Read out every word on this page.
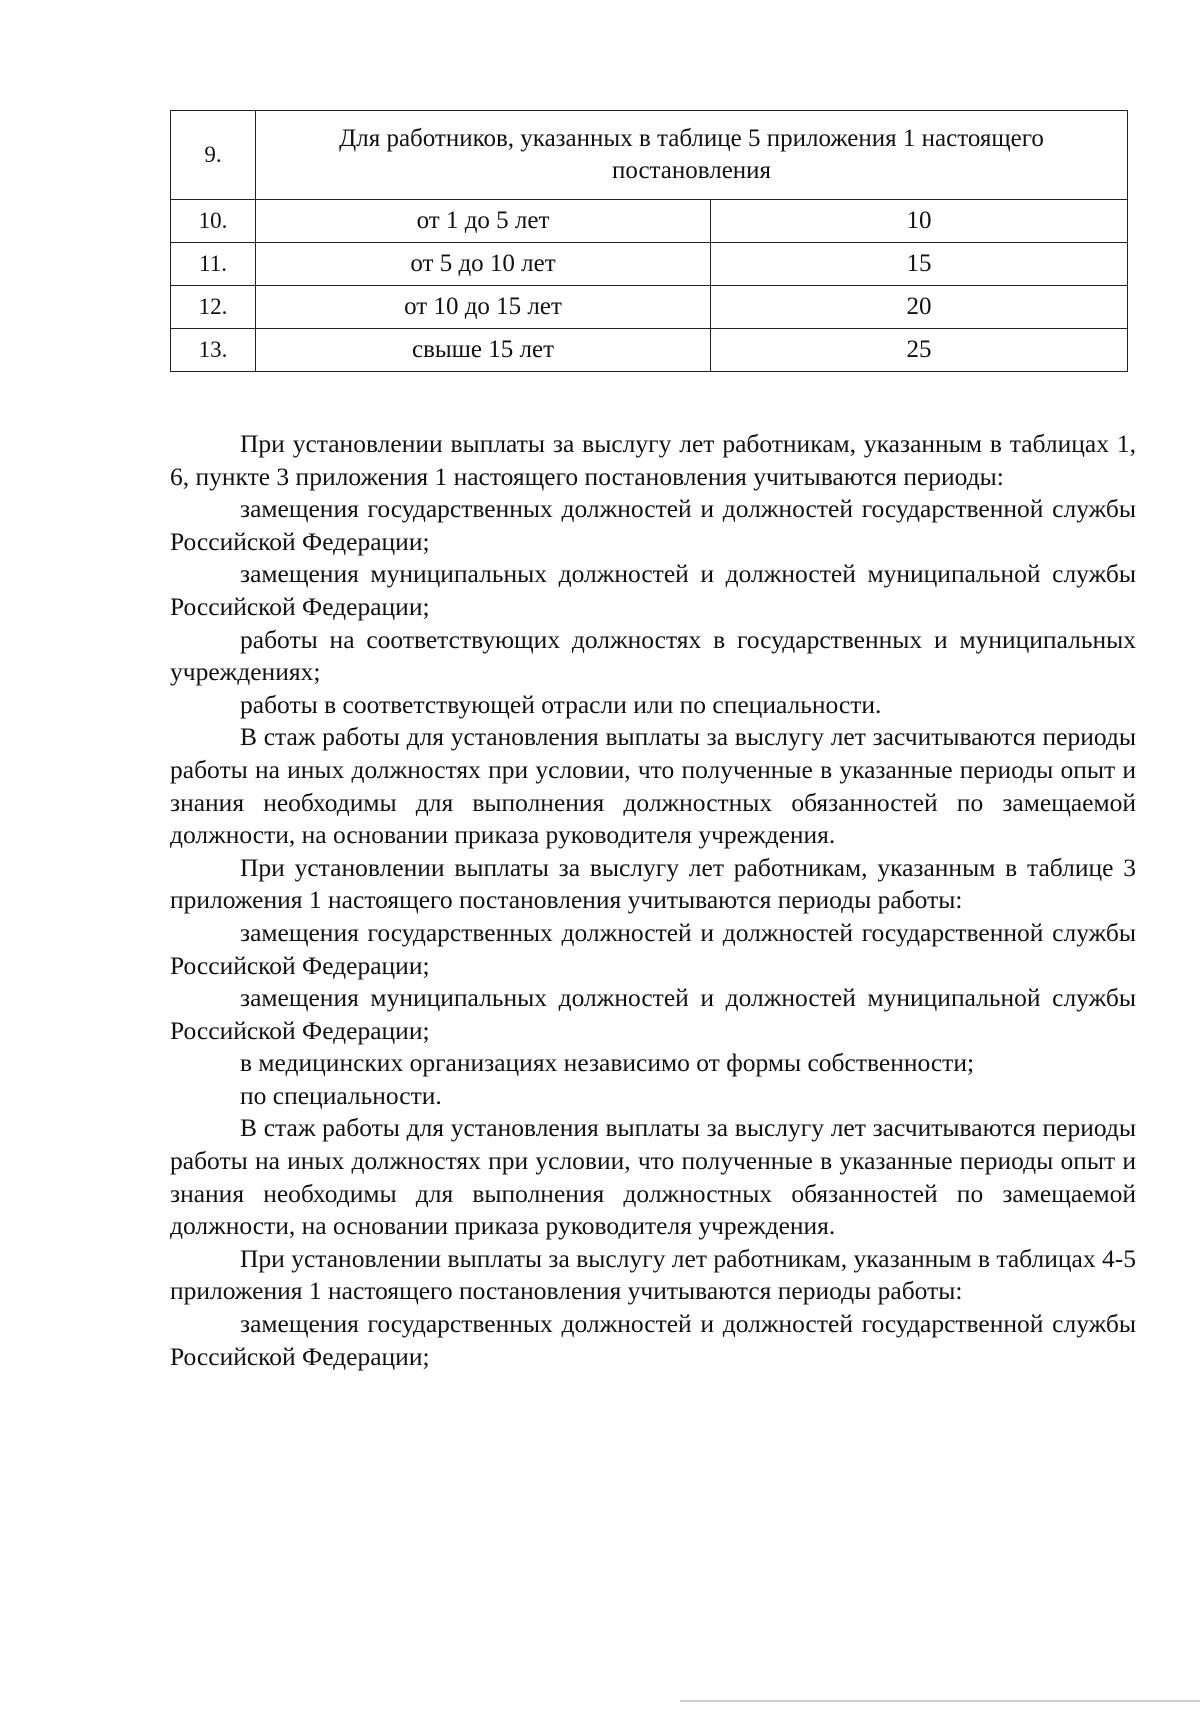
9.	Для работников, указанных в таблице 5 приложения 1 настоящего постановления	
10.	от 1 до 5 лет	10
11.	от 5 до 10 лет	15
12.	от 10 до 15 лет	20
13.	свыше 15 лет	25

При установлении выплаты за выслугу лет работникам, указанным в таблицах 1, 6, пункте 3 приложения 1 настоящего постановления учитываются периоды:

замещения государственных должностей и должностей государственной службы Российской Федерации;

замещения муниципальных должностей и должностей муниципальной службы Российской Федерации;

работы на соответствующих должностях в государственных и муниципальных учреждениях;

работы в соответствующей отрасли или по специальности.

В стаж работы для установления выплаты за выслугу лет засчитываются периоды работы на иных должностях при условии, что полученные в указанные периоды опыт и знания необходимы для выполнения должностных обязанностей по замещаемой должности, на основании приказа руководителя учреждения.

При установлении выплаты за выслугу лет работникам, указанным в таблице 3 приложения 1 настоящего постановления учитываются периоды работы:

замещения государственных должностей и должностей государственной службы Российской Федерации;

замещения муниципальных должностей и должностей муниципальной службы Российской Федерации;

в медицинских организациях независимо от формы собственности;

по специальности.

В стаж работы для установления выплаты за выслугу лет засчитываются периоды работы на иных должностях при условии, что полученные в указанные периоды опыт и знания необходимы для выполнения должностных обязанностей по замещаемой должности, на основании приказа руководителя учреждения.

При установлении выплаты за выслугу лет работникам, указанным в таблицах 4-5 приложения 1 настоящего постановления учитываются периоды работы:

замещения государственных должностей и должностей государственной службы Российской Федерации;
